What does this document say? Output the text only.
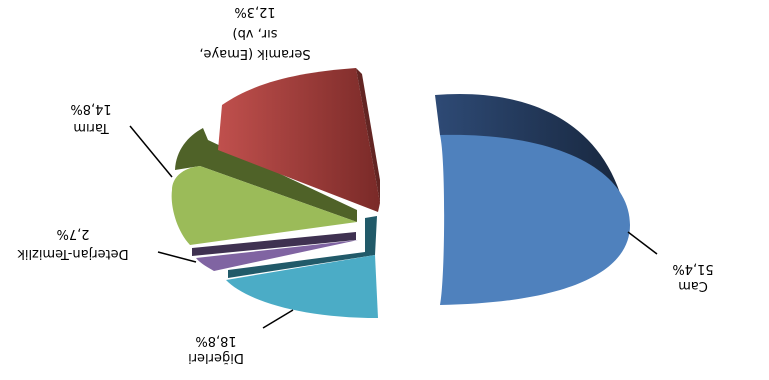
51,4%
Cam
18,8%
Diğerleri
2,7%
Deterjan-Temizlik
14,8%
Tarım
12,3%
sır, vb)
Seramik (Emaye,
